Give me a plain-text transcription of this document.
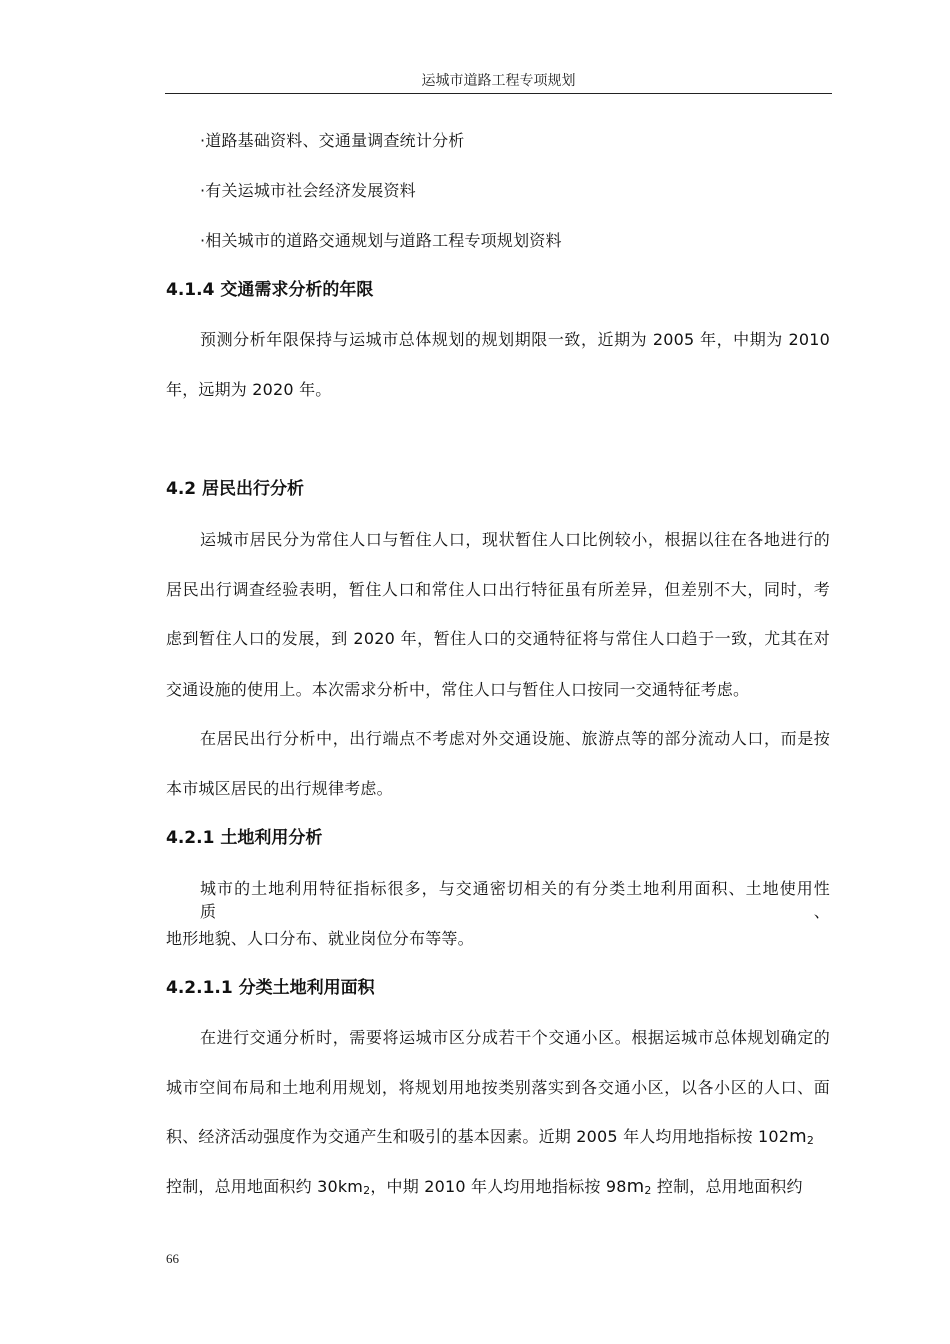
运城市道路工程专项规划
·道路基础资料、交通量调查统计分析
·有关运城市社会经济发展资料
·相关城市的道路交通规划与道路工程专项规划资料
4.1.4 交通需求分析的年限
预测分析年限保持与运城市总体规划的规划期限一致，近期为 2005 年，中期为 2010
年，远期为 2020 年。
4.2 居民出行分析
运城市居民分为常住人口与暂住人口，现状暂住人口比例较小，根据以往在各地进行的
居民出行调查经验表明，暂住人口和常住人口出行特征虽有所差异，但差别不大，同时，考
虑到暂住人口的发展，到 2020 年，暂住人口的交通特征将与常住人口趋于一致，尤其在对
交通设施的使用上。本次需求分析中，常住人口与暂住人口按同一交通特征考虑。
在居民出行分析中，出行端点不考虑对外交通设施、旅游点等的部分流动人口，而是按
本市城区居民的出行规律考虑。
4.2.1 土地利用分析
城市的土地利用特征指标很多，与交通密切相关的有分类土地利用面积、土地使用性质、
地形地貌、人口分布、就业岗位分布等等。
4.2.1.1 分类土地利用面积
在进行交通分析时，需要将运城市区分成若干个交通小区。根据运城市总体规划确定的
城市空间布局和土地利用规划，将规划用地按类别落实到各交通小区，以各小区的人口、面
积、经济活动强度作为交通产生和吸引的基本因素。近期 2005 年人均用地指标按 102m2
控制，总用地面积约 30km2，中期 2010 年人均用地指标按 98m2 控制，总用地面积约
66
